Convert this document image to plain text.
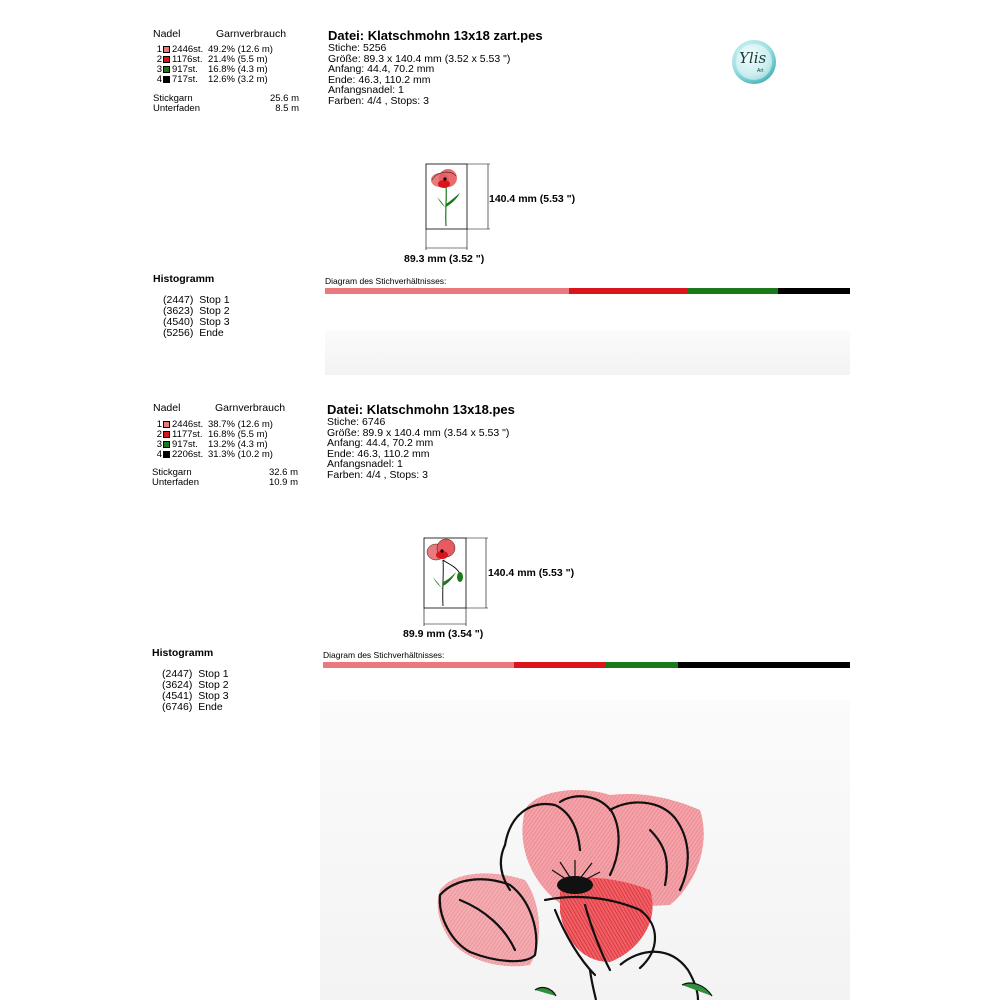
Nadel	Garnverbrauch
1 2446st. 49.2% (12.6 m)
2 1176st. 21.4% (5.5 m)
3 917st. 16.8% (4.3 m)
4 717st. 12.6% (3.2 m)
Stickgarn	25.6 m
Unterfaden	8.5 m
Datei: Klatschmohn 13x18 zart.pes
Stiche: 5256
Größe: 89.3 x 140.4 mm (3.52 x 5.53 ")
Anfang: 44.4, 70.2 mm
Ende: 46.3, 110.2 mm
Anfangsnadel: 1
Farben: 4/4 , Stops: 3
Ylis
Art
140.4 mm (5.53 ")
89.3 mm (3.52 ")
Histogramm
(2447) Stop 1
(3623) Stop 2
(4540) Stop 3
(5256) Ende
Diagram des Stichverhältnisses:
Nadel	Garnverbrauch
1 2446st. 38.7% (12.6 m)
2 1177st. 16.8% (5.5 m)
3 917st. 13.2% (4.3 m)
4 2206st. 31.3% (10.2 m)
Stickgarn	32.6 m
Unterfaden	10.9 m
Datei: Klatschmohn 13x18.pes
Stiche: 6746
Größe: 89.9 x 140.4 mm (3.54 x 5.53 ")
Anfang: 44.4, 70.2 mm
Ende: 46.3, 110.2 mm
Anfangsnadel: 1
Farben: 4/4 , Stops: 3
140.4 mm (5.53 ")
89.9 mm (3.54 ")
Histogramm
(2447) Stop 1
(3624) Stop 2
(4541) Stop 3
(6746) Ende
Diagram des Stichverhältnisses:
